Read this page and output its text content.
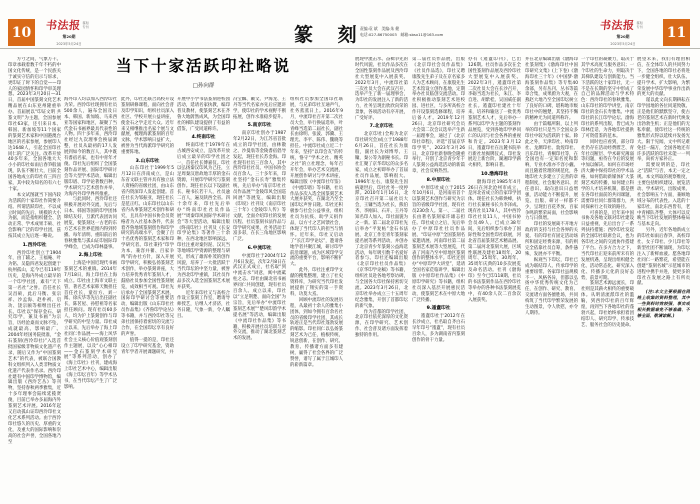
10	书法报 篆刻
专刊
第20期
2023年5月24日	篆 刻
责编:袁 斌　美编:朱 健
电话:027-86750003　邮箱:sbsx11@163.com
书法报 篆刻
专刊
第20期
2023年5月24日
11
当下十家活跃印社略说
□孙向群

方寸之间，气象万千。印章承载着数千年不朽的中国文化传统，是一个民族关于诚实守信的启示与诉求，更印证了时下的自觉——印人的家园情怀和印学审美理想。2023年3月20日—31日，首届中国篆刻文化艺术精品展在山东兖州隆重举办。首届展以“印证文明 共篆文明”为主题，全国参展印社63家，还引来日本、韩国、新加坡等11个国家的篆刻艺术家和中国港澳台地区的名家参展，参展印人达1648人，引起全国印社同仁的广泛关注。改革开放40多年来，全国各地大大小小的印社如雨后春笋般涌现，队伍不断壮大，目前全国各地成立的印社有三四百家，其中较为知名的有六七十家。

本文试图就当下国内较为活跃的十家印社作简要介绍。所谓活跃印社，不以成立时间的先后、规模的大小为据，而是指组织健全、活动正常、学术成果丰硕、社会影响广泛的印学社团，兹按其成立先后逐一略说。

1.西泠印社

西泠印社创立于1904年，由丁辅之、王福庵、叶为铭、吴隐四君发起创建于杭州孤山，迄今已有119年历史，是海内外成立最早的一个印学社团，素有“天下第一名社”之誉。首任社长吴昌硕，此后马衡、张宗祥、沙孟海、赵朴初、启功、饶宗颐等相继出任社长。印社以“保存金石、研究印学，兼及书画”为宗旨，历经沧桑而文脉不坠，成就最高、影响最广。2004年经国务院批准，“金石篆刻(西泠印社)”入选首批国家级非物质文化遗产名录，随后又作为“中国篆刻艺术”的代表，被联合国教科文组织列入人类非物质文化遗产代表作名录。西泠印社建有中国印学博物馆，编辑出版《西泠艺丛》等刊物，坚持春秋两季雅集，近十多年理事会陆续延揽贤俊，目前已举办多届海内外篆刻艺术评展。2016年起又启动孤山证印西泠印社文化艺术系列活动。由于西泠印社悠久的历史、厚重的文化，及重大的国际影响和崇高的社会声誉，全国各地乃至

海外印人均以加入西泠印社为荣。西泠印社现拥有社员500余人，遍布全国及日本、韩国、新加坡、马来西亚等国家和地区，凝聚了当代金石书画界最具代表性的人物。四十多年来，西泠印社经过九次理事会换届调整，社员从最初的17人发展到如今的数百人，其中既有耆宿名家，也有中青年才俊。印社先后组织了全国篆刻作品评展、国际印学研讨会等大型学术活动，编辑出版印谱、印学论著数百种，学术研究与艺术创作并举，为海内外印学界所推重。

与此同时，西泠印社还积极开展对外交流，先后与日本、韩国等国的印学团体缔结友好，互派代表团访问展览，使篆刻这一古老的东方艺术在世界范围内得到传播。每年清明、重阳前后的春秋雅集与孤山证印国际印学峰会，已成为印林盛事。

2.海上印社

上海是中国近现代书画篆刻艺术的重镇。2014年7月18日，海上印社在上海成立。印社由上海市文联主管，著名艺术家韩天衡担任首任社长，童衍方、刘一闻、徐庆华等先后出任副社长，陈茗屋、孙慰祖等名家担任顾问。现有社员60多人，均为沪上篆刻创作与印学研究的中坚力量。印社成立以来，先后举办了海上印社同仁作品展——海上风华社会主义核心价值观篆刻创作主题展，以及“心心相印——金石篆刻学术研究展”等系列活动，创办了《海上印社》社刊，建成海上印社艺术中心，编辑出版《海上印坛百年》等学术丛书，在当代印坛产生了广泛影响。

此外，印社还联合高校开设篆刻研修课程，面向社会普及印学知识，组织社员深入社区、学校开展公益讲座，使金石之学走近大众。近年来又相继推出名家个展与文献展，梳理海派篆刻的百年文脉，学术影响日益扩大，被誉为当代海派印学研究的重要阵地。

3.山东印社

山东印社于1999年5月12日在济南成立，是山东省文联主管并具有独立法人资格的省级社团，由山东省内资深印人发起创建。首任社长为邹振亚，现任社长是范正红。山东印社以山东省内从事篆刻艺术创作和研究，且具有中国书协会员资格者为入社基本条件，代表着齐鲁地域篆刻创作和印学研究的高端水平，会聚了百十名优秀的篆刻艺术家和印学研究者。印社秉持“印学为本、兼容并蓄、百家争鸣”的办社方针，深入开展印学研究，积极弘扬篆刻艺术创作，举办篆刻讲座，大力培养优秀青年篆刻人才，鼓励社员参加全国性篆刻展览，成效相当可观。印社先后承办了全国篆刻艺术展、国际印学研讨会等重要活动，编辑出版《山东印社社员作品集》《齐鲁印学论丛》等书籍，并与西泠印社等兄弟社团保持着密切的交流与合作，在全国印坛享有良好的声誉。

值得一提的是，印社还设立了印学研究基金，资助青年学者开展课题研究，并

开展中小学书法篆刻进校园活动，延请名家执教，编印普及教材，使篆刻艺术在齐鲁大地蔚然成风，为全国印社的梯队建设提供了有益的借鉴，广受同道称许。

4.终南印社

终南印社于1979年在古城西安成立，是改革开放后成立最早的印学社团之一，首任社长傅嘉仪。印社以弘扬秦汉印风为己任，立足周秦汉唐故地丰厚的金石资源，开展印学研究与篆刻创作。现任社长以下设副社长、秘书长若干人，社员逾二百人，遍及陕西全省。四十余年来，印社先后举办“终南印社社员作品展”“周秦印风国际学术研讨会”等大型活动，编辑出版《终南印社》社刊及《长安印学论集》等著作三十余种，在西北地区影响深远。印社注重对秦封泥、汉瓦当等地域印学资源的整理与研究，形成了雄浑朴茂的创作风貌，培养了一大批活跃于当代印坛的中坚力量，被誉为西北印学重镇，其社员作品多次入选全国篆刻艺术展并获奖。

近年来印社又与高校合作设立篆刻工作室，聘请导师授艺，后继人才济济，社务日隆，气象一新，令人瞩目。

冯宝麟、戴文、尹海龙、王丹等当代名家亦先后应邀讲学，使印社的学术视野不断拓展，创作水准稳步提升。

5.南京印社

南京印社创办于1987年2月22日，为江苏省首批成立的印学社团，由林散之、沙曼翁等金陵耆宿倡导发起，现任社长苏金海。印社现有社员三百余人，其中西泠印社社员、中国书协会员百余人。三十多年来，印社坚持“金石长寿”雅集传统，先后举办“南京印社社员作品展”“金陵印风全国巡回展”等展览，编辑出版《印说》社刊及《南京印社三十年》《金陵印人传》等文献，全面介绍印社的发展历程、社员篆刻书法作品与印学研究成果，社务活动丰富多彩，在长三角地区影响广泛。

6.中流印社

中流印社于2004年12月6日发起，次年2月8日在武汉正式成立，社名取“到中流击水”词意，寓中流砥柱之志。印社由湖北省书画界同仁共同创建，现有社员百余人。成立以来，印社以“立足荆楚、面向全国”为宗旨，先后举办“中流印社篆刻艺术展”“楚风印韵学术提名展”等活动，编辑出版《中流印社作品集》等书籍，积极开展社员培训与对外交流，推动了湖北篆刻艺术的发展。

组织社员参加全国印社联展，与兄弟印社互通声气，社务蒸蒸日上。2016年9月，中流印社召开第二次社员大会，举行换届选举，叶青峰当选第二届社长，副社长由徐明、张波、郭骥、王理光、李平、陈伟、魏晓等担任。中流印社成立近二十年来，坚持“以印会友”的传统，恪守“学术之社、精英之社”的立社理念，每年召开年会，举办艺术交流展，开展创作研讨与学术讲座，编辑出版《中流印社年鉴》《中流印谱》等书籍，社员作品多次入选全国篆刻艺术大展并获奖，在湖北乃至全国印坛声誉日隆。印社还积极参与社会公益事业，组织社员为抗疫、助学义捐作品，以方寸之艺回馈社会，体现了当代印人的担当与情怀。近年来，印社又启动了“长江印学论坛”，邀请各地学者共聚江城，研讨印学前沿课题，成为区域印学交流的重要平台，影响不断扩大。

此外，印社注重印学文献的搜集整理，建立了社史资料库，为研究当代印社发展提供了翔实的第一手资料，功莫大焉。

回顾中流印社的发展历程，从最初十余人的雅集小团体，到如今拥有百余名社员的省级印学社团，其成长轨迹正是当代印社蓬勃发展的缩影。印社同仁以弘扬篆刻艺术为己任，植根传统，锐意创新，在创作、研究、教育、传播诸方面多有建树，赢得了社会各界的广泛赞誉，谱写了属于江城印人的崭新篇章。

展现中流击水、奋楫争先的时代风貌。社员作品多次在全国性篆刻作品展及西泠印社大型展览中入展获奖。2022年3月，中流印社第三次社员大会在武汉召开，选举产生了新一届理事会，为印社的发展注入了新的活力，社务呈现出欣欣向荣的景象，各项活动有序开展，广受好评。

7.北京印社

北京印社(全称为北京印社研究会)成立于1988年6月26日，首任社长为康殷，副社长为刘博琴、王镛，秦公等为副秘书长。印社汇聚了京华印坛的众多名家，成立之初即举办了首届社员作品展，影响很大。1996年左右，康殷先生因病逝世后，印社社务一度停滞。2010年1月16日，北京印社召开第二届社员大会，王镛当选为社长，熊伯齐、李刚田、石开、王丹等知名印人加入，印社面貌为之一新。第二届北京印社先后举办“平复帖”金石书法展、北京工作室青年篆刻家提名展等系列活动，并创办了北京青少年篆刻公益海选活动，每年吸引数千名爱好者参与。印社还编辑出版《北京印社社员作品集》《京华印学论稿》等书籍，组织社员赴各地考察访碑，与全国各大印社保持密切交流。2023年3月26日，北京印社举办成立三十五周年纪念雅集，开创了首都印坛的新气象。

作为首都的印学社团，北京印社依托深厚的文化资源，在印学研究、艺术创作、社会普及诸方面发挥着独特的作用。

第二届社员作品展，出版《北京印社会员作品集》《社员作品选》，印社又聘康殷先生弟子及在京名家多人为艺术顾问，在康殷先生艺术馆设立创作基地，定期举办社员临创交流活动。印社积极推动篆刻艺术进校园、进社区，与多所高校合作开设篆刻选修课程，培养后备人才。2019年12月26日，北京印社研究会员大会第二次会议选举产生新一届理事会，通过了《北京印社章程》，评选“首届京华印学奖”。2023年3月26日，北京印社新春晚会隆重举行，开创了北京青少年千人篆刻公益海选活动的新篇章，社会反响热烈。

8.中原印社

中原印社成立于2015年10月6日，是河南省首个以篆刻艺术创作与研究为宗旨的省级印学社团，现有社员230余人。第一、二届社长由著名篆刻家许雄志担任。印社成立之后，先后举办了中原印社社员作品展、“印证中原”全国篆刻名家邀请展、河南印社第二届篆刻艺术展等大型展览，代表了河南乃至中原地区篆刻创作的整体水平。印社还创办“中原印学大讲堂”，延请全国名家莅临讲学，编辑出版《中原印社作品集》《中原印学研究》等书籍，组织社员深入基层开展惠民活动，使篆刻艺术在中原大地广泛传播。

9.遁盦印社

遁盦印社于2012年在长沙成立，社名取自齐白石早年印号“遁盦”，现有社员百余人，多为湖南省内篆刻创作的骨干力量。

办有《遁盦印刊》，已出126期。社员作品多次在全国性篆刻作品展及西泠印社大型展览中入展获奖。2022年3月，遁盦印社第二次社员大会在长沙召开，李砺当选为社长，朱江、李自进、胡紫桂、吴国威任副社长。遁盦印社建社十年来，培养和输送了一批优秀篆刻艺术人才，先后举办一系列以印学为主题的篆刻作品展览，受到各地印学界同仁的认同与社会各界的重视和肯定。2023年3月12日，遁盦印社在岳麓书院举行新社址揭牌仪式，印社发展迈上新台阶，湖湘印学薪火相传，影响日著。

10.渤海印社

渤海印社1985年4月26日在河北沧州市成立，是河北省成立的首家印学团体。现任社长为韩焕峰，执行社长兼秘书长为李泽成。现有社员178人，其中西泠印社社员11人，中国书协会员49人。已成立38年间，先后组织参与承办了国际性和全国性印社联展，河北省首届篆刻艺术精品展、第二届河北篆刻大展，区域性联展及建社18周年、20周年、25周年、30周年、35周年庆典的10多次展览及命名活动。社刊《渤海印》至今已印118期。社员的书法篆刻作品在西泠印社等举办的各种书法篆刻展览中，有40余人次二百余次入展获奖。

并在北京编辑出版《渤海印社篆刻集》《渤海印社中国印研究文集》(上下卷)《渤海印社三十年》《中国梦·渤海篆刻作品集》等专集40余部，另有丛刊、丛书等篇章合集，成果蔚为大观，在燕赵大地乃至全国印坛树立了良好的口碑，堪称地市级印社中的翘楚，其坚持不懈的精神尤为同道所称许。

由于篇幅所限，以上列举的印社只是当下全国众多印社中较为活跃的十家。除此之外，天津印社、岭南印社、龙渊印社、敦煌印社、百乐印社、青桐印社等，在全国也有一定知名度和影响，专业水准亦不容小觑。而且随着管理的规范化，各地印社大多建立了完善的章程制度，社会服务意识、责任意识、取向意识日益增强，活动能力不断提升，展览、出版、研讨一样都不少，呈现出百花齐放、百家争鸣的繁荣局面，社会影响力与日俱增。

印社的发展离不开地方政府的支持与社会各界的关爱。有的印社有固定活动场所和固定经费来源，有的则完全依靠社员自筹，条件悬殊，发展亦不平衡。

纵观当下印坛，印社已成为联结印人、传承印学的重要纽带。各家印社虽规模不一、风格各异，但都以弘扬中华优秀传统文化为己任，在创作、研究、教育、交流诸方面各擅胜场，共同构筑了当代印学繁荣发展的生动图景，令人欣慰，亦令人期待。

一个印社的凝聚力，取决于其学术高度与服务意识；一个印社的生命力，则取决于其梯队建设与创新能力。当下活跃的这十家印社，无一不是在长期的坚守中形成了自己的品牌活动与学术特色：西泠印社的春秋雅集、山东印社的印学讲堂、南京印社的金石长寿雅集、中流印社的长江印学论坛、渤海印社的系列出版，皆已成为印林佳话，为各地印社提供了可资借鉴的范本。

同时也应看到，部分印社仍存在活动经费匮乏、青年社员断层、学术研究薄弱等问题，亟待在今后的发展中加以解决。如何在市场经济大潮中保持印社的学术品格，如何借助新媒体扩大篆刻艺术的传播，如何建立科学的人才培养机制，都是摆在各印社面前的共同课题，需要印社同仁群策群力，共同探索行之有效的路径。

可喜的是，近年来中国书协及各地文联对印社建设日益重视，先后出台了一系列扶持措施；西泠印社发起的全国印社联席会议，也为各印社之间的交流协作搭建了平台。在多方合力之下，当代印社正迎来前所未有的发展机遇，呈现出组织健全化、活动常态化、研究深入化、传播多元化的良好态势，前景可期。

篆刻艺术源远流长，印社则是其薪火相传的重要载体。从明清流派印社的滥觞，到西泠印社的百年辉煌，再到当下各地印社的蓬勃兴起，印社始终承担着团结印人、研究印学、传承技艺、服务社会的历史使命。

展望未来，我们有理由相信，在全体印人的共同努力下，全国各地的印社必将进一步健全组织、壮大队伍、提升学术、扩大影响，为繁荣发展中华印学事业作出新的更大的贡献。

谨以此文向长期耕耘在印学园地的各位同道致敬。正是他们的默默坚守，使古老的篆刻艺术在新时代焕发出勃勃生机；正是他们的无私奉献，使印社这一传统的雅集形式得以延续并发扬光大。限于见闻，文中所记难免挂一漏万，全国各地还有许多活跃的印社未能一一列举，尚祈方家补正。

需要说明的是，印社之“活跃”与否，本无一定之规。本文所取的观察维度，主要包括组织建设、展览活动、学术研究、出版成果、社会影响五个方面，兼顾地域分布的代表性。入选的十家印社，南北东西皆有，老中青梯队齐整，大体可以反映当下印社发展的整体格局与基本走向。

另外，近年各地新成立的印社如雨后春笋，高校印社、女子印社、少儿印社等新型社团不断涌现，为印坛注入了新鲜血液。愿各地印社同仁一路繁花，希望能在创建“篆刻名城”示范城市的进程中携手并进，使更多的印社在发展之路上有所贡献。

(注:本文主要根据在网络上收集的资料整理，其中一些资料时效较强，事实或相关数据难免不够准确、不够全面，敬请谅解。)
